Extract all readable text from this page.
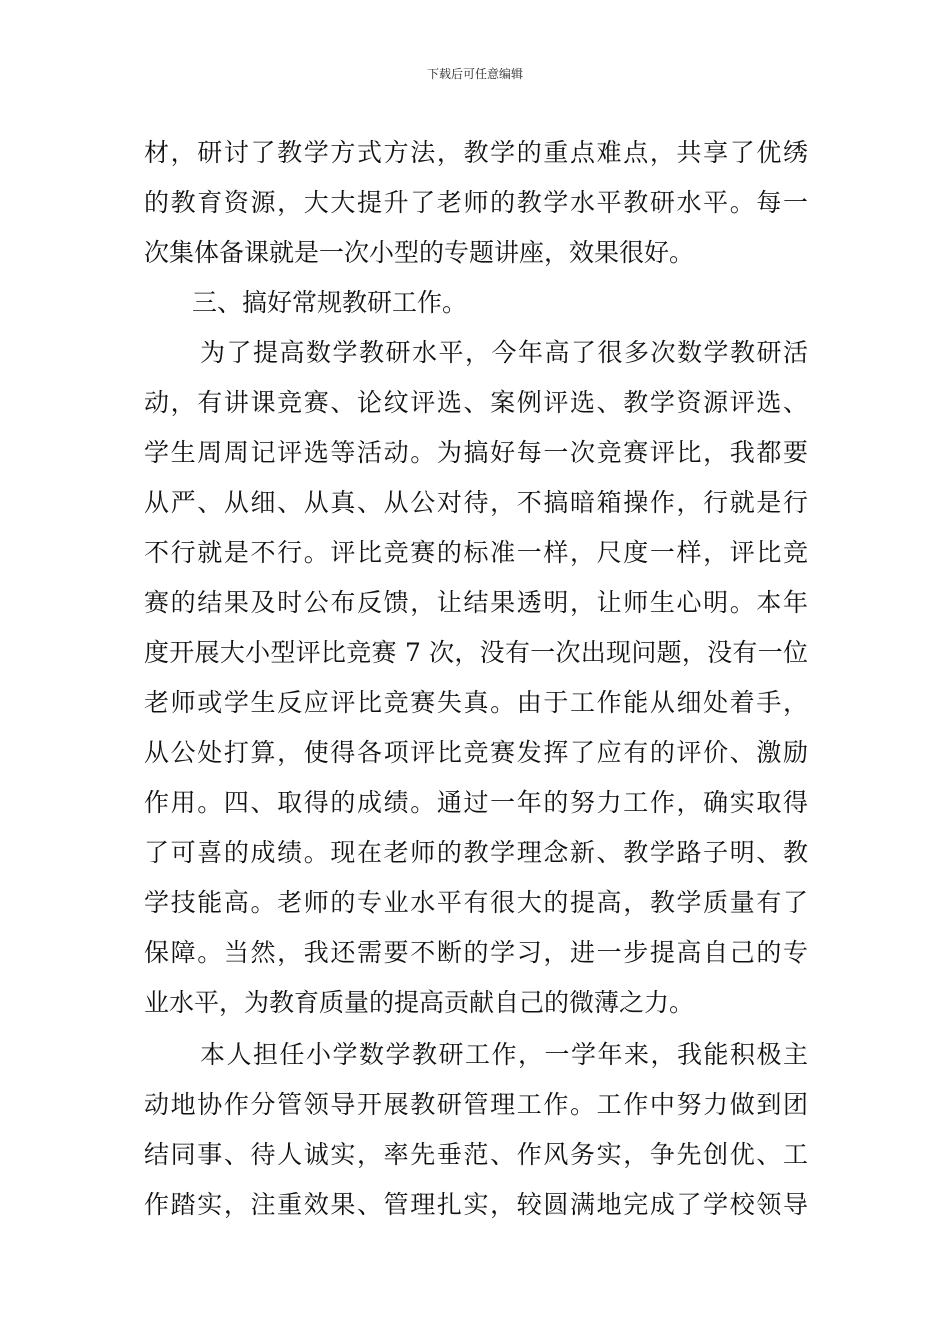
下载后可任意编辑
材，研讨了教学方式方法，教学的重点难点，共享了优绣
的教育资源，大大提升了老师的教学水平教研水平。每一
次集体备课就是一次小型的专题讲座，效果很好。
三、搞好常规教研工作。
为了提高数学教研水平，今年高了很多次数学教研活
动，有讲课竞赛、论纹评选、案例评选、教学资源评选、
学生周周记评选等活动。为搞好每一次竞赛评比，我都要
从严、从细、从真、从公对待，不搞暗箱操作，行就是行
不行就是不行。评比竞赛的标准一样，尺度一样，评比竞
赛的结果及时公布反馈，让结果透明，让师生心明。本年
度开展大小型评比竞赛 7 次，没有一次出现问题，没有一位
老师或学生反应评比竞赛失真。由于工作能从细处着手，
从公处打算，使得各项评比竞赛发挥了应有的评价、激励
作用。四、取得的成绩。通过一年的努力工作，确实取得
了可喜的成绩。现在老师的教学理念新、教学路子明、教
学技能高。老师的专业水平有很大的提高，教学质量有了
保障。当然，我还需要不断的学习，进一步提高自己的专
业水平，为教育质量的提高贡献自己的微薄之力。
本人担任小学数学教研工作，一学年来，我能积极主
动地协作分管领导开展教研管理工作。工作中努力做到团
结同事、待人诚实，率先垂范、作风务实，争先创优、工
作踏实，注重效果、管理扎实，较圆满地完成了学校领导
